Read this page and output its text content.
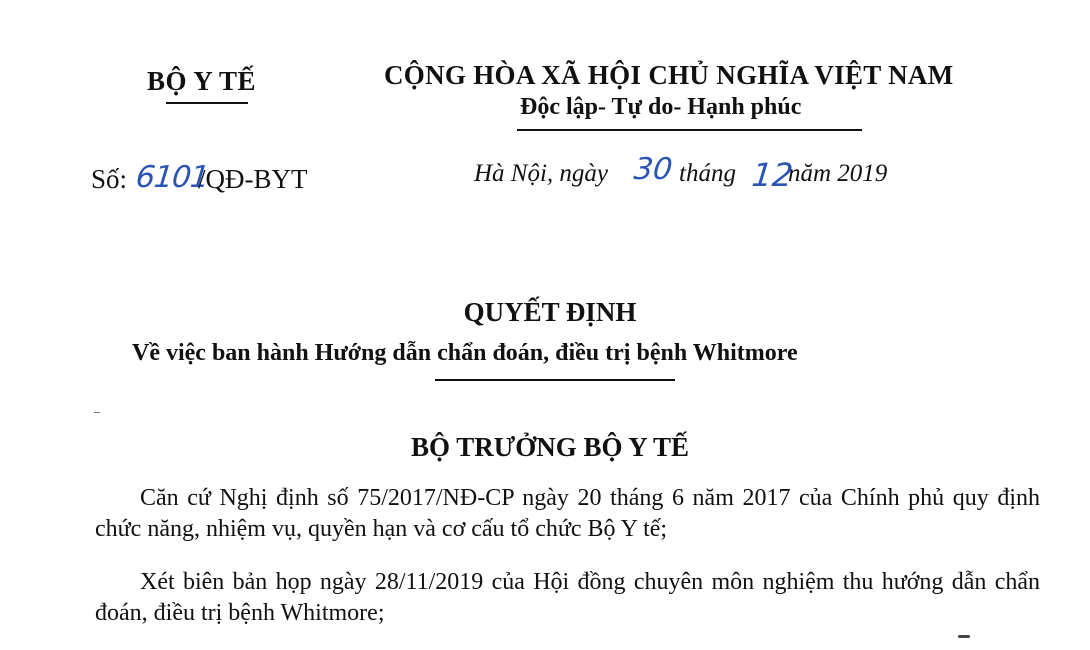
BỘ Y TẾ	CỘNG HÒA XÃ HỘI CHỦ NGHĨA VIỆT NAM
Độc lập- Tự do- Hạnh phúc
Số: 6101
/QĐ-BYT	Hà Nội, ngày 30 tháng 12
năm 2019
QUYẾT ĐỊNH
Về việc ban hành Hướng dẫn chẩn đoán, điều trị bệnh Whitmore
BỘ TRƯỞNG BỘ Y TẾ
Căn cứ Nghị định số 75/2017/NĐ-CP ngày 20 tháng 6 năm 2017 của Chính phủ quy định chức năng, nhiệm vụ, quyền hạn và cơ cấu tổ chức Bộ Y tế;
Xét biên bản họp ngày 28/11/2019 của Hội đồng chuyên môn nghiệm thu hướng dẫn chẩn đoán, điều trị bệnh Whitmore;
